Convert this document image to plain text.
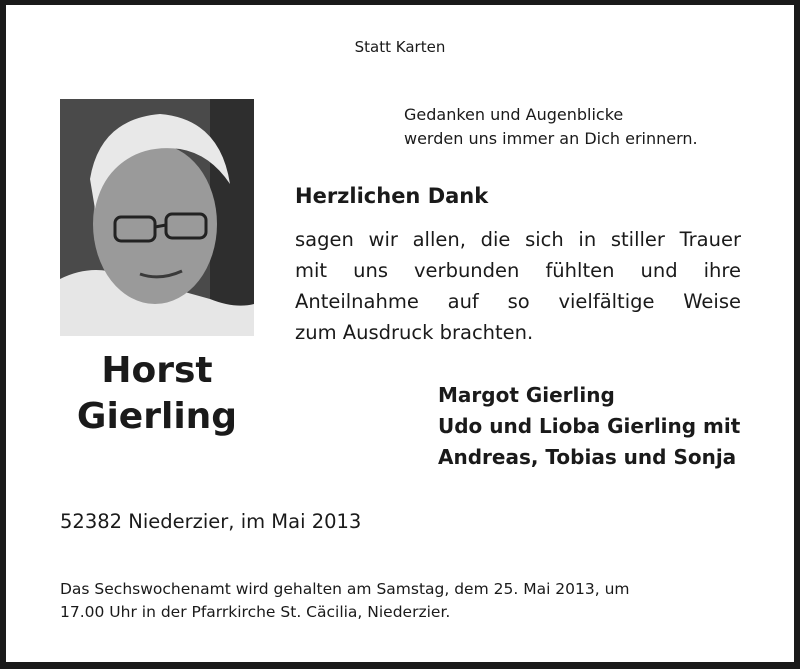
Statt Karten
Gedanken und Augenblicke
werden uns immer an Dich erinnern.
Herzlichen Dank
sagen wir allen, die sich in stiller Trauer
mit uns verbunden fühlten und ihre
Anteilnahme auf so vielfältige Weise
zum Ausdruck brachten.
Horst
Gierling
Margot Gierling
Udo und Lioba Gierling mit
Andreas, Tobias und Sonja
52382 Niederzier, im Mai 2013
Das Sechswochenamt wird gehalten am Samstag, dem 25. Mai 2013, um
17.00 Uhr in der Pfarrkirche St. Cäcilia, Niederzier.
